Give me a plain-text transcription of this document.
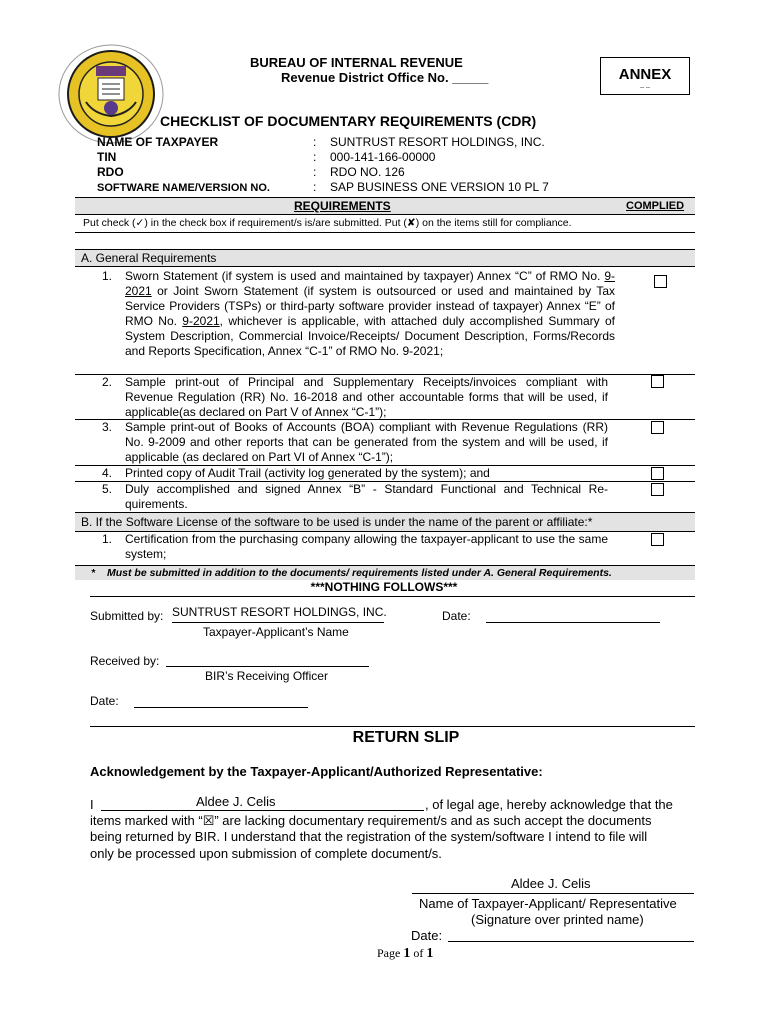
BUREAU OF INTERNAL REVENUE
Revenue District Office No. _____	ANNEX
-- --
CHECKLIST OF DOCUMENTARY REQUIREMENTS (CDR)
NAME OF TAXPAYER	: SUNTRUST RESORT HOLDINGS, INC.
TIN	: 000-141-166-00000
RDO	: RDO NO. 126
SOFTWARE NAME/VERSION NO.	: SAP BUSINESS ONE VERSION 10 PL 7
REQUIREMENTS	COMPLIED
Put check (✓) in the check box if requirement/s is/are submitted. Put (✘) on the items still for compliance.
A. General Requirements
1. Sworn Statement (if system is used and maintained by taxpayer) Annex “C” of RMO No. 9-2021 or Joint Sworn Statement (if system is outsourced or used and maintained by Tax Service Providers (TSPs) or third-party software provider instead of taxpayer) Annex “E” of RMO No. 9-2021, whichever is applicable, with attached duly accomplished Summary of System Description, Commercial Invoice/Receipts/ Document Description, Forms/Records and Reports Specification, Annex “C-1” of RMO No. 9-2021;
2. Sample print-out of Principal and Supplementary Receipts/invoices compliant with Revenue Regulation (RR) No. 16-2018 and other accountable forms that will be used, if applicable(as declared on Part V of Annex “C-1”);
3. Sample print-out of Books of Accounts (BOA) compliant with Revenue Regulations (RR) No. 9-2009 and other reports that can be generated from the system and will be used, if applicable (as declared on Part VI of Annex “C-1”);
4. Printed copy of Audit Trail (activity log generated by the system); and
5. Duly accomplished and signed Annex “B” - Standard Functional and Technical Re-quirements.
B. If the Software License of the software to be used is under the name of the parent or affiliate:*
1. Certification from the purchasing company allowing the taxpayer-applicant to use the same system;
* Must be submitted in addition to the documents/ requirements listed under A. General Requirements.
***NOTHING FOLLOWS***
Submitted by: SUNTRUST RESORT HOLDINGS, INC.
Taxpayer-Applicant’s Name
Date:
Received by:
BIR’s Receiving Officer
Date:
RETURN SLIP
Acknowledgement by the Taxpayer-Applicant/Authorized Representative:
I	Aldee J. Celis	, of legal age, hereby acknowledge that the
items marked with “☒” are lacking documentary requirement/s and as such accept the documents
being returned by BIR. I understand that the registration of the system/software I intend to file will
only be processed upon submission of complete document/s.
Aldee J. Celis
Name of Taxpayer-Applicant/ Representative
(Signature over printed name)
Date:
Page 1 of 1
